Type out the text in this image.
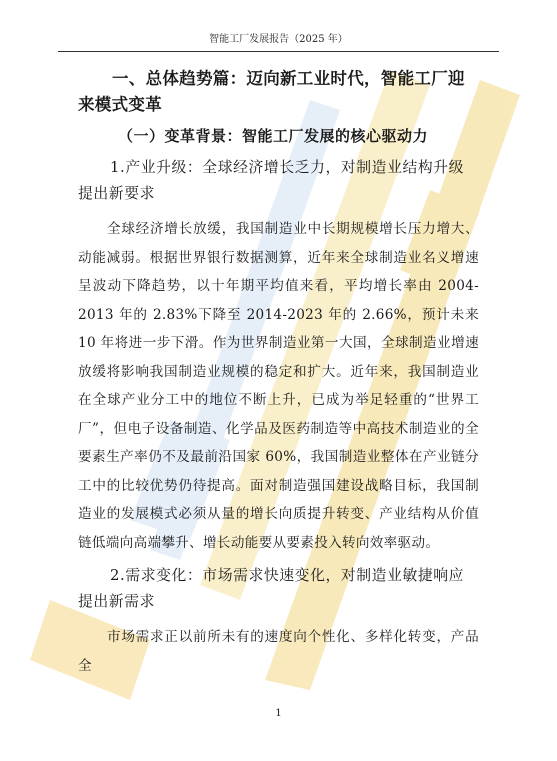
智能工厂发展报告（2025 年）
一、总体趋势篇：迈向新工业时代，智能工厂迎来模式变革
（一）变革背景：智能工厂发展的核心驱动力
1.产业升级：全球经济增长乏力，对制造业结构升级提出新要求

全球经济增长放缓，我国制造业中长期规模增长压力增大、动能减弱。根据世界银行数据测算，近年来全球制造业名义增速呈波动下降趋势，以十年期平均值来看，平均增长率由 2004-2013 年的 2.83%下降至 2014-2023 年的 2.66%，预计未来 10 年将进一步下滑。作为世界制造业第一大国，全球制造业增速放缓将影响我国制造业规模的稳定和扩大。近年来，我国制造业在全球产业分工中的地位不断上升，已成为举足轻重的“世界工厂”，但电子设备制造、化学品及医药制造等中高技术制造业的全要素生产率仍不及最前沿国家 60%，我国制造业整体在产业链分工中的比较优势仍待提高。面对制造强国建设战略目标，我国制造业的发展模式必须从量的增长向质提升转变、产业结构从价值链低端向高端攀升、增长动能要从要素投入转向效率驱动。

2.需求变化：市场需求快速变化，对制造业敏捷响应提出新需求

市场需求正以前所未有的速度向个性化、多样化转变，产品全

1
